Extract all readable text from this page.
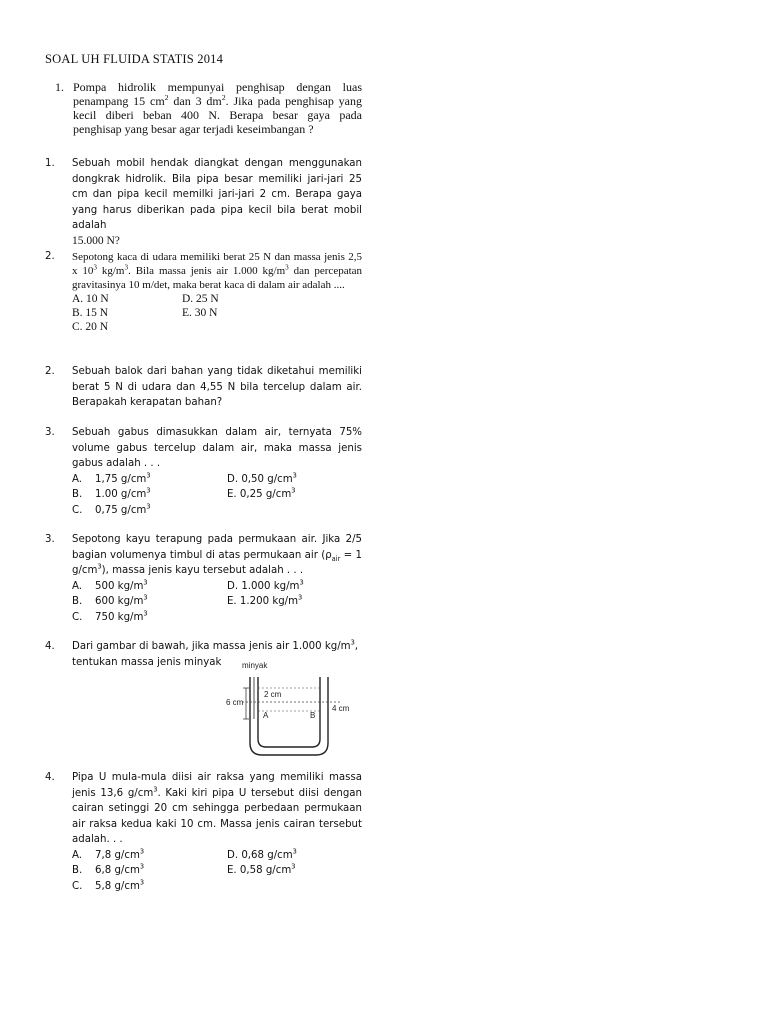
SOAL UH FLUIDA STATIS 2014
1. Pompa hidrolik mempunyai penghisap dengan luas penampang 15 $cm^2$ dan 3 $dm^2$. Jika pada penghisap yang kecil diberi beban 400 N. Berapa besar gaya pada penghisap yang besar agar terjadi keseimbangan ?

1. Sebuah mobil hendak diangkat dengan menggunakan dongkrak hidrolik. Bila pipa besar memiliki jari-jari 25 cm dan pipa kecil memilki jari-jari 2 cm. Berapa gaya yang harus diberikan pada pipa kecil bila berat mobil adalah

15.000 N?

2. Sepotong kaca di udara memiliki berat 25 N dan massa jenis 2,5 x $10^3$ $kg/m^3$. Bila massa jenis air 1.000 $kg/m^3$ dan percepatan gravitasinya 10 m/det, maka berat kaca di dalam air adalah ....

A. 10 N	D. 25 N
B. 15 N	E. 30 N
C. 20 N
2. Sebuah balok dari bahan yang tidak diketahui memiliki berat 5 N di udara dan 4,55 N bila tercelup dalam air. Berapakah kerapatan bahan?

3. Sebuah gabus dimasukkan dalam air, ternyata 75% volume gabus tercelup dalam air, maka massa jenis gabus adalah . . .

A.	1,75 $g/cm^3$	D. 0,50 $g/cm^3$
B.	1.00 $g/cm^3$	E. 0,25 $g/cm^3$
C.	0,75 $g/cm^3$
3. Sepotong kayu terapung pada permukaan air. Jika 2/5 bagian volumenya timbul di atas permukaan air ($\rho_{air} = 1$ $g/cm^3$), massa jenis kayu tersebut adalah . . .

A.	500 $kg/m^3$	D. 1.000 $kg/m^3$
B.	600 $kg/m^3$	E. 1.200 $kg/m^3$
C.	750 $kg/m^3$
4. Dari gambar di bawah, jika massa jenis air 1.000 $kg/m^3$,

tentukan massa jenis minyak	minyak
6 cm
2 cm
4 cm
A	B
4. Pipa U mula-mula diisi air raksa yang memiliki massa jenis 13,6 $g/cm^3$. Kaki kiri pipa U tersebut diisi dengan cairan setinggi 20 cm sehingga perbedaan permukaan air raksa kedua kaki 10 cm. Massa jenis cairan tersebut adalah. . .

A.	7,8 $g/cm^3$	D. 0,68 $g/cm^3$
B.	6,8 $g/cm^3$	E. 0,58 $g/cm^3$
C.	5,8 $g/cm^3$
